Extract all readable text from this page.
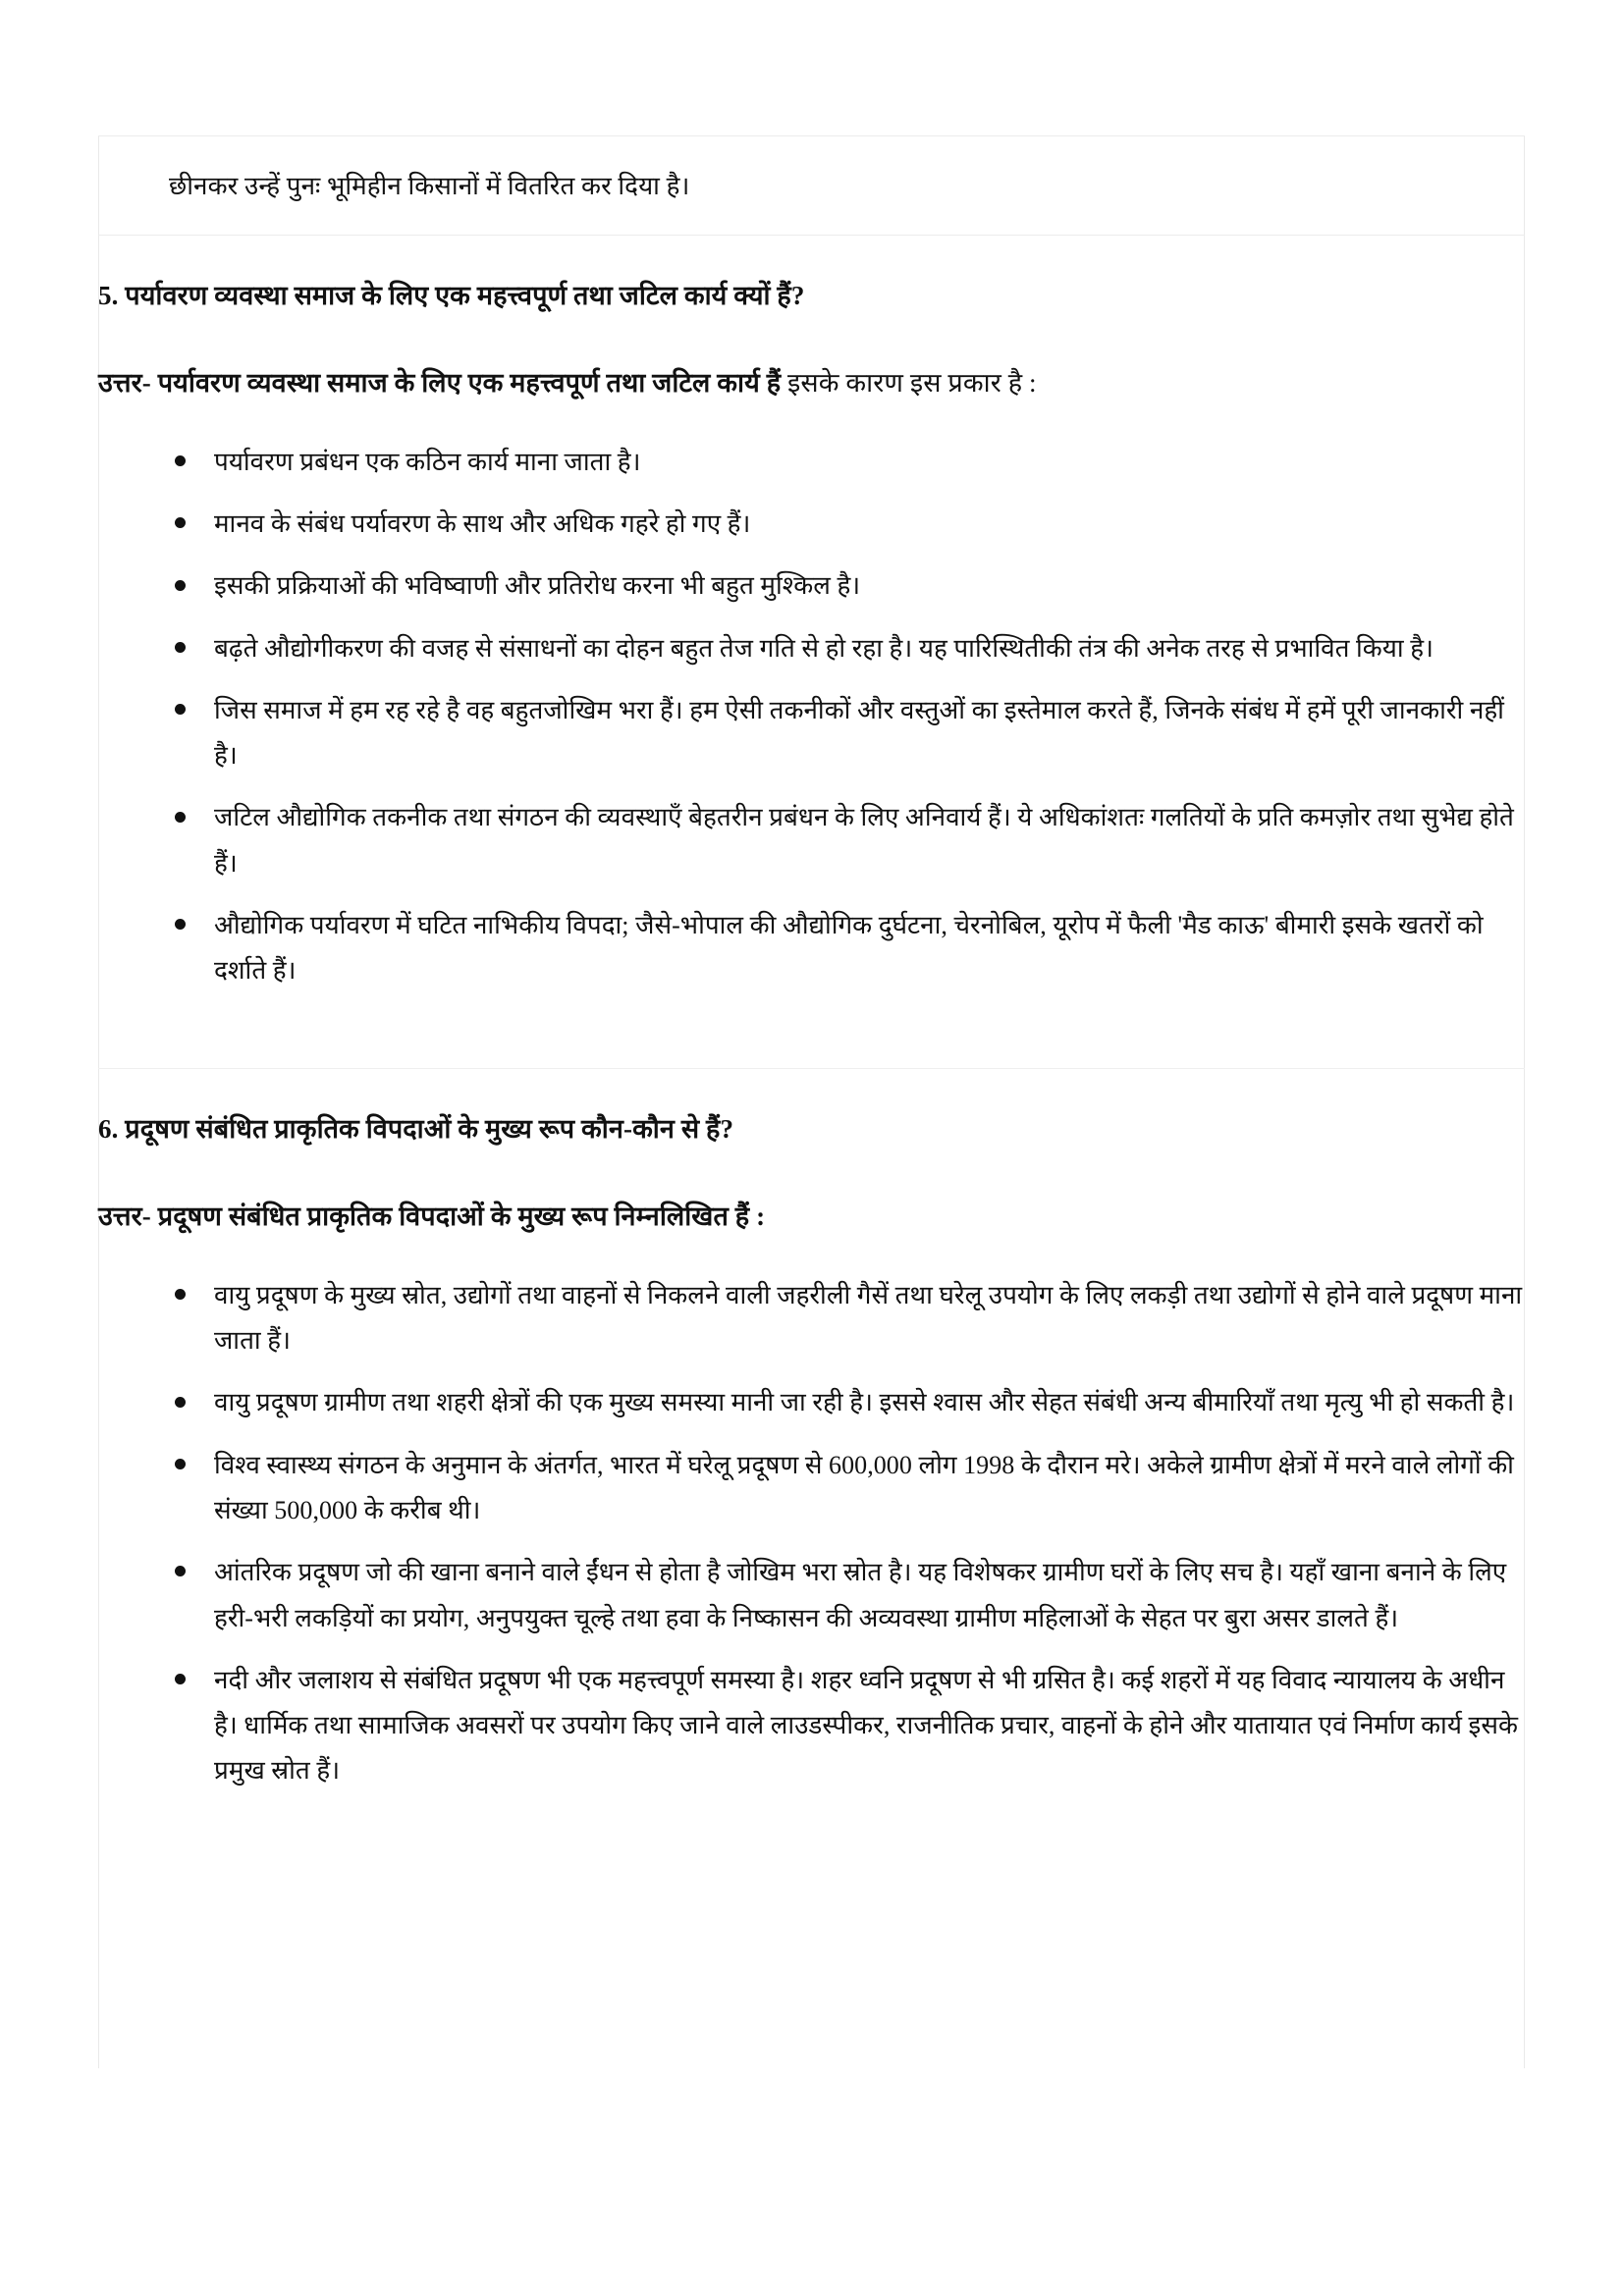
छीनकर उन्हें पुनः भूमिहीन किसानों में वितरित कर दिया है।
5. पर्यावरण व्यवस्था समाज के लिए एक महत्त्वपूर्ण तथा जटिल कार्य क्यों हैं?
उत्तर- पर्यावरण व्यवस्था समाज के लिए एक महत्त्वपूर्ण तथा जटिल कार्य हैं इसके कारण इस प्रकार है :
पर्यावरण प्रबंधन एक कठिन कार्य माना जाता है।
मानव के संबंध पर्यावरण के साथ और अधिक गहरे हो गए हैं।
इसकी प्रक्रियाओं की भविष्वाणी और प्रतिरोध करना भी बहुत मुश्किल है।
बढ़ते औद्योगीकरण की वजह से संसाधनों का दोहन बहुत तेज गति से हो रहा है। यह पारिस्थितीकी तंत्र की अनेक तरह से प्रभावित किया है।
जिस समाज में हम रह रहे है वह बहुतजोखिम भरा हैं। हम ऐसी तकनीकों और वस्तुओं का इस्तेमाल करते हैं, जिनके संबंध में हमें पूरी जानकारी नहीं है।
जटिल औद्योगिक तकनीक तथा संगठन की व्यवस्थाएँ बेहतरीन प्रबंधन के लिए अनिवार्य हैं। ये अधिकांशतः गलतियों के प्रति कमज़ोर तथा सुभेद्य होते हैं।
औद्योगिक पर्यावरण में घटित नाभिकीय विपदा; जैसे-भोपाल की औद्योगिक दुर्घटना, चेरनोबिल, यूरोप में फैली 'मैड काऊ' बीमारी इसके खतरों को दर्शाते हैं।
6. प्रदूषण संबंधित प्राकृतिक विपदाओं के मुख्य रूप कौन-कौन से हैं?
उत्तर- प्रदूषण संबंधित प्राकृतिक विपदाओं के मुख्य रूप निम्नलिखित हैं :
वायु प्रदूषण के मुख्य स्रोत, उद्योगों तथा वाहनों से निकलने वाली जहरीली गैसें तथा घरेलू उपयोग के लिए लकड़ी तथा उद्योगों से होने वाले प्रदूषण माना जाता हैं।
वायु प्रदूषण ग्रामीण तथा शहरी क्षेत्रों की एक मुख्य समस्या मानी जा रही है। इससे श्वास और सेहत संबंधी अन्य बीमारियाँ तथा मृत्यु भी हो सकती है।
विश्व स्वास्थ्य संगठन के अनुमान के अंतर्गत, भारत में घरेलू प्रदूषण से 600,000 लोग 1998 के दौरान मरे। अकेले ग्रामीण क्षेत्रों में मरने वाले लोगों की संख्या 500,000 के करीब थी।
आंतरिक प्रदूषण जो की खाना बनाने वाले ईंधन से होता है जोखिम भरा स्रोत है। यह विशेषकर ग्रामीण घरों के लिए सच है। यहाँ खाना बनाने के लिए हरी-भरी लकड़ियों का प्रयोग, अनुपयुक्त चूल्हे तथा हवा के निष्कासन की अव्यवस्था ग्रामीण महिलाओं के सेहत पर बुरा असर डालते हैं।
नदी और जलाशय से संबंधित प्रदूषण भी एक महत्त्वपूर्ण समस्या है। शहर ध्वनि प्रदूषण से भी ग्रसित है। कई शहरों में यह विवाद न्यायालय के अधीन है। धार्मिक तथा सामाजिक अवसरों पर उपयोग किए जाने वाले लाउडस्पीकर, राजनीतिक प्रचार, वाहनों के होने और यातायात एवं निर्माण कार्य इसके प्रमुख स्रोत हैं।
